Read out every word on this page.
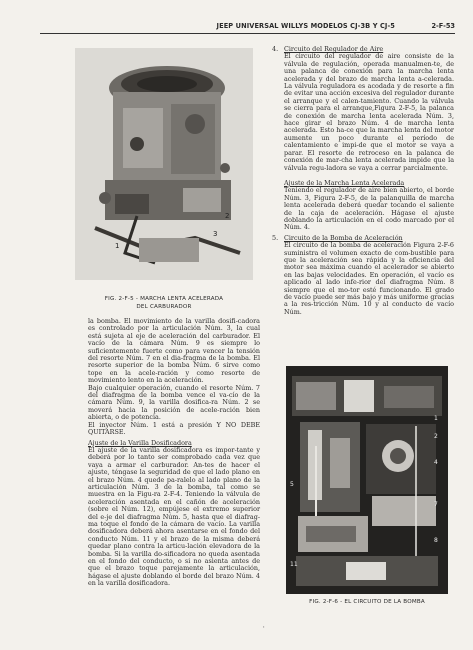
JEEP UNIVERSAL WILLYS MODELOS CJ-3B Y CJ-5	2-F-53
2
3
1
FIG. 2-F-5 - MARCHA LENTA ACELERADA
DEL CARBURADOR

la bomba. El movimiento de la varilla dosifi-cadora es controlado por la articulación Núm. 3, la cual está sujeta al eje de aceleración del carburador. El vacío de la cámara Núm. 9 es siempre lo suficientemente fuerte como para vencer la tensión del resorte Núm. 7 en el dia-fragma de la bomba. El resorte superior de la bomba Núm. 6 sirve como tope en la acele-ración y como resorte de movimiento lento en la aceleración.

Bajo cualquier operación, cuando el resorte Núm. 7 del diafragma de la bomba vence el va-cío de la cámara Núm. 9, la varilla dosifica-ra Núm. 2 se moverá hacia la posición de acele-ración bien abierta, o de potencia.

El inyector Núm. 1 está a presión Y NO DEBE QUITARSE.

Ajuste de la Varilla Dosificadora

El ajuste de la varilla dosificadora es impor-tante y deberá por lo tanto ser comprobado cada vez que vaya a armar el carburador. An-tes de hacer el ajuste, téngase la seguridad de que el lado plano en el brazo Núm. 4 quede pa-ralelo al lado plano de la articulación Núm. 3 de la bomba, tal como se muestra en la Figu-ra 2-F-4. Teniendo la válvula de aceleración asentada en el cañón de aceleración (sobre el Núm. 12), empújese el extremo superior del e-je del diafragma Núm. 5, hasta que el diafrag-ma toque el fondo de la cámara de vacío. La varilla dosificadora deberá ahora asentarse en el fondo del conducto Núm. 11 y el brazo de la misma deberá quedar plano contra la articu-lación elevadora de la bomba. Si la varilla do-sificadora no queda asentada en el fondo del conducto, o si no asienta antes de que el brazo toque parejamente la articulación, hágase el ajuste doblando el borde del brazo Núm. 4 en la varilla dosificadora.

4. Circuito del Regulador de Aire

El circuito del regulador de aire consiste de la válvula de regulación, operada manualmen-te, de una palanca de conexión para la marcha lenta acelerada y del brazo de marcha lenta a-celerada. La válvula reguladora es acodada y de resorte a fin de evitar una acción excesiva del regulador durante el arranque y el calen-tamiento. Cuando la válvula se cierra para el arranque,Figura 2-F-5, la palanca de conexión de marcha lenta acelerada Núm. 3, hace girar el brazo Núm. 4 de marcha lenta acelerada. Esto ha-ce que la marcha lenta del motor aumente un poco durante el período de calentamiento e impi-de que el motor se vaya a parar. El resorte de retroceso en la palanca de conexión de mar-cha lenta acelerada impide que la válvula regu-ladora se vaya a cerrar parcialmente.

Ajuste de la Marcha Lenta Acelerada

Teniendo el regulador de aire bien abierto, el borde Núm. 3, Figura 2-F-5, de la palanquilla de marcha lenta acelerada deberá quedar tocando el saliente de la caja de aceleración. Hágase el ajuste doblando la articulación en el codo marcado por el Núm. 4.

5. Circuito de la Bomba de Aceleración

El circuito de la bomba de aceleración Figura 2-F-6 suministra el volumen exacto de com-bustible para que la aceleración sea rápida y la eficiencia del motor sea máxima cuando el acelerador se abierto en las bajas velocidades. En operación, el vacío es aplicado al lado infe-rior del diafragma Núm. 8 siempre que el mo-tor esté funcionando. El grado de vacío puede ser más bajo y más uniforme gracias a la res-tricción Núm. 10 y al conducto de vacío Núm.

1
2
4
7
8
5
11
FIG. 2-F-6 - EL CIRCUITO DE LA BOMBA
'
